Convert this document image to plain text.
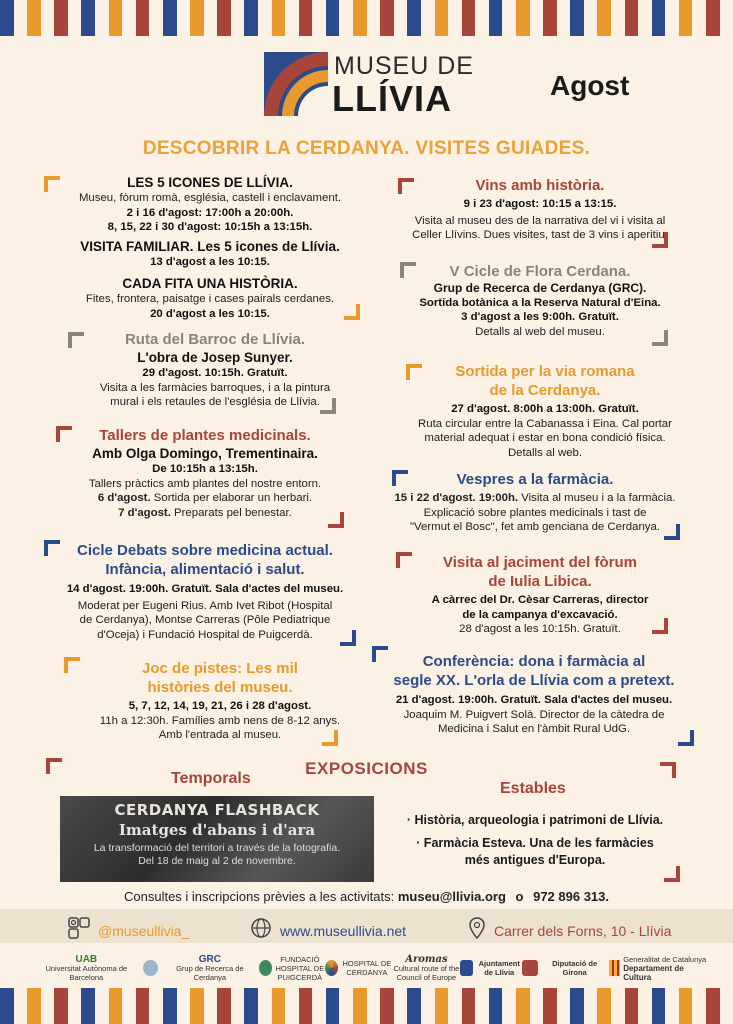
MUSEU DE
LLÍVIA	Agost
DESCOBRIR LA CERDANYA. VISITES GUIADES.
LES 5 ICONES DE LLÍVIA.
Museu, fòrum romà, església, castell i enclavament.
2 i 16 d'agost: 17:00h a 20:00h.
8, 15, 22 i 30 d'agost: 10:15h a 13:15h.
VISITA FAMILIAR. Les 5 icones de Llívia.
13 d'agost a les 10:15.
CADA FITA UNA HISTÒRIA.
Fites, frontera, paisatge i cases pairals cerdanes.
20 d'agost a les 10:15.
Ruta del Barroc de Llívia.
L'obra de Josep Sunyer.
29 d'agost. 10:15h. Gratuït.
Visita a les farmàcies barroques, i a la pintura
mural i els retaules de l'església de Llívia.
Tallers de plantes medicinals.
Amb Olga Domingo, Trementinaira.
De 10:15h a 13:15h.
Tallers pràctics amb plantes del nostre entorn.
6 d'agost. Sortida per elaborar un herbari.
7 d'agost. Preparats pel benestar.
Cicle Debats sobre medicina actual.
Infància, alimentació i salut.
14 d'agost. 19:00h. Gratuït. Sala d'actes del museu.
Moderat per Eugeni Rius. Amb Ivet Ribot (Hospital
de Cerdanya), Montse Carreras (Pôle Pediatrique
d'Oceja) i Fundació Hospital de Puigcerdà.
Joc de pistes: Les mil
històries del museu.
5, 7, 12, 14, 19, 21, 26 i 28 d'agost.
11h a 12:30h. Famílies amb nens de 8-12 anys.
Amb l'entrada al museu.
Vins amb història.
9 i 23 d'agost: 10:15 a 13:15.
Visita al museu des de la narrativa del vi i visita al
Celler Llívins. Dues visites, tast de 3 vins i aperitiu.
V Cicle de Flora Cerdana.
Grup de Recerca de Cerdanya (GRC).
Sortida botànica a la Reserva Natural d'Eina.
3 d'agost a les 9:00h. Gratuït.
Detalls al web del museu.
Sortida per la via romana
de la Cerdanya.
27 d'agost. 8:00h a 13:00h. Gratuït.
Ruta circular entre la Cabanassa i Eina. Cal portar
material adequat i estar en bona condició física.
Detalls al web.
Vespres a la farmàcia.
15 i 22 d'agost. 19:00h. Visita al museu i a la farmàcia.
Explicació sobre plantes medicinals i tast de
"Vermut el Bosc", fet amb genciana de Cerdanya.
Visita al jaciment del fòrum
de Iulia Libica.
A càrrec del Dr. Cèsar Carreras, director
de la campanya d'excavació.
28 d'agost a les 10:15h. Gratuït.
Conferència: dona i farmàcia al
segle XX. L'orla de Llívia com a pretext.
21 d'agost. 19:00h. Gratuït. Sala d'actes del museu.
Joaquim M. Puigvert Solà. Director de la càtedra de
Medicina i Salut en l'àmbit Rural UdG.
EXPOSICIONS
Temporals
Estables
CERDANYA FLASHBACK
Imatges d'abans i d'ara
La transformació del territori a través de la fotografia.
Del 18 de maig al 2 de novembre.
· Història, arqueologia i patrimoni de Llívia.
· Farmàcia Esteva. Una de les farmàcies
més antigues d'Europa.
Consultes i inscripcions prèvies a les activitats: museu@llivia.org o 972 896 313.
@museullivia_	www.museullivia.net	Carrer dels Forns, 10 - Llívia
UAB
Universitat Autònoma de Barcelona
GRC
Grup de Recerca de Cerdanya
FUNDACIÓ HOSPITAL DE PUIGCERDÀ
HOSPITAL DE CERDANYA
Aromas
Cultural route of the Council of Europe
Ajuntament de Llívia
Diputació de Girona
Generalitat de Catalunya
Departament de Cultura
